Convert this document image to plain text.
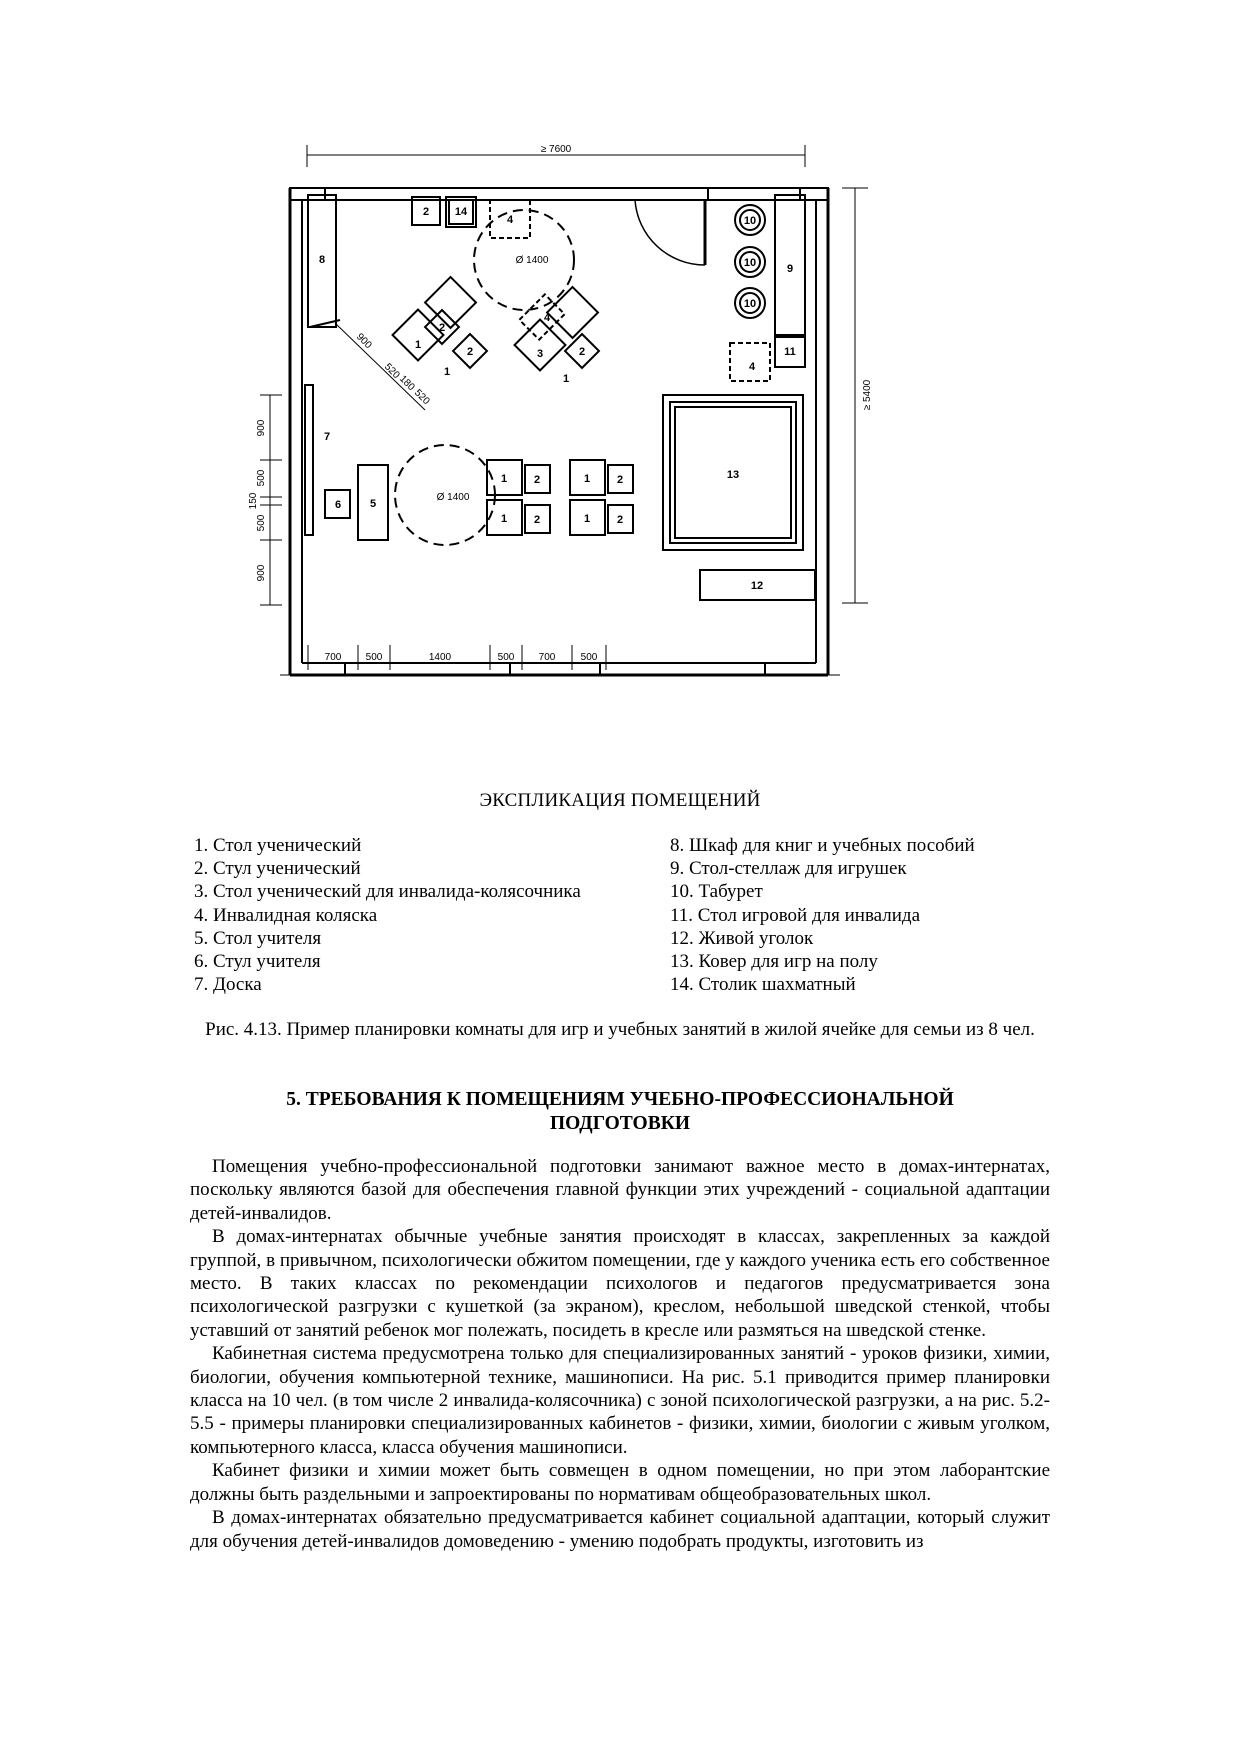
≥ 7600
≥ 5400
700 500	1400	500 700	500
900
500
150
500
900
900
520
180
520
Ø 1400
Ø 1400
8
7
9
10
10
10
11
4
13
12
2 14
4
1
1
2
2	3
1
2
4
5
6
1 2	1 2
1 2	1 2
ЭКСПЛИКАЦИЯ ПОМЕЩЕНИЙ
1. Стол ученический
2. Стул ученический
3. Стол ученический для инвалида-колясочника
4. Инвалидная коляска
5. Стол учителя
6. Стул учителя
7. Доска
8. Шкаф для книг и учебных пособий
9. Стол-стеллаж для игрушек
10. Табурет
11. Стол игровой для инвалида
12. Живой уголок
13. Ковер для игр на полу
14. Столик шахматный
Рис. 4.13. Пример планировки комнаты для игр и учебных занятий в жилой ячейке для семьи из 8 чел.
5. ТРЕБОВАНИЯ К ПОМЕЩЕНИЯМ УЧЕБНО-ПРОФЕССИОНАЛЬНОЙ
ПОДГОТОВКИ

Помещения учебно-профессиональной подготовки занимают важное место в домах-интернатах, поскольку являются базой для обеспечения главной функции этих учреждений - социальной адаптации детей-инвалидов.

В домах-интернатах обычные учебные занятия происходят в классах, закрепленных за каждой группой, в привычном, психологически обжитом помещении, где у каждого ученика есть его собственное место. В таких классах по рекомендации психологов и педагогов предусматривается зона психологической разгрузки с кушеткой (за экраном), креслом, небольшой шведской стенкой, чтобы уставший от занятий ребенок мог полежать, посидеть в кресле или размяться на шведской стенке.

Кабинетная система предусмотрена только для специализированных занятий - уроков физики, химии, биологии, обучения компьютерной технике, машинописи. На рис. 5.1 приводится пример планировки класса на 10 чел. (в том числе 2 инвалида-колясочника) с зоной психологической разгрузки, а на рис. 5.2-5.5 - примеры планировки специализированных кабинетов - физики, химии, биологии с живым уголком, компьютерного класса, класса обучения машинописи.

Кабинет физики и химии может быть совмещен в одном помещении, но при этом лаборантские должны быть раздельными и запроектированы по нормативам общеобразовательных школ.

В домах-интернатах обязательно предусматривается кабинет социальной адаптации, который служит для обучения детей-инвалидов домоведению - умению подобрать продукты, изготовить из
